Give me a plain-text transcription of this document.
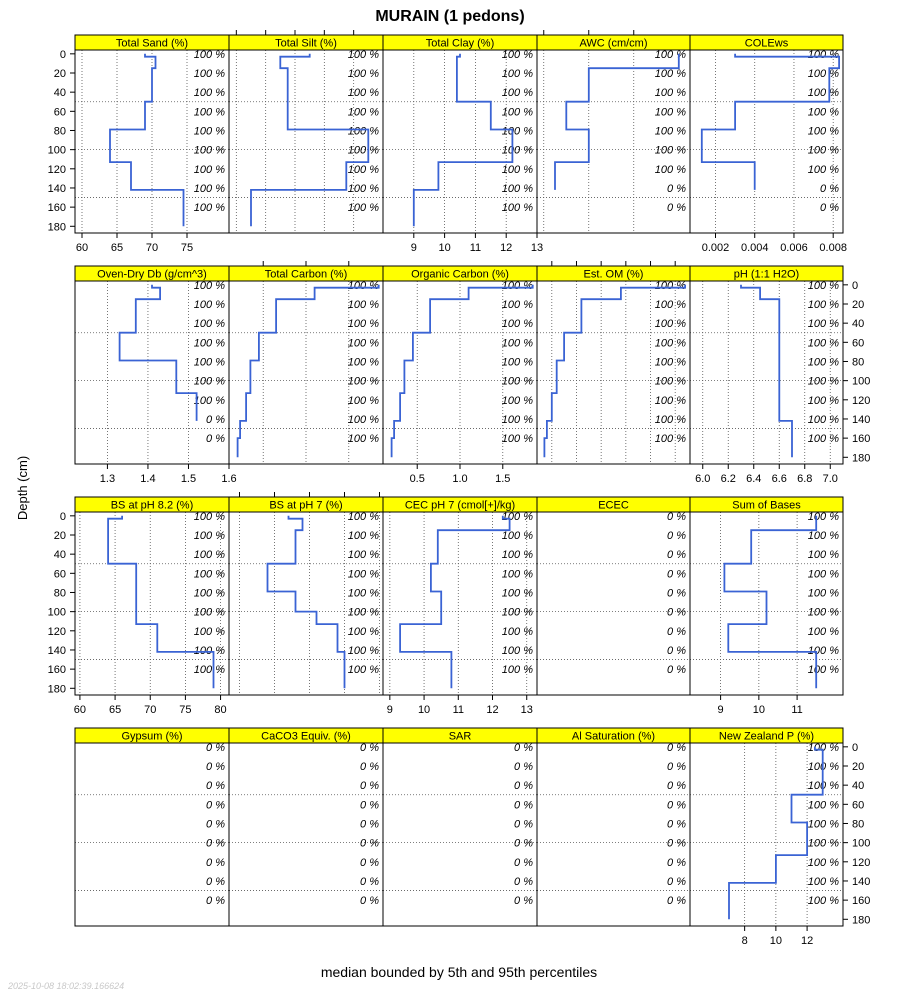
MURAIN (1 pedons)
Depth (cm)
median bounded by 5th and 95th percentiles
2025-10-08 18:02:39.166624
Total Sand (%)
100 %
100 %
100 %
100 %
100 %
100 %
100 %
100 %
100 %
60 65 70 75
Total Silt (%)
100 %
100 %
100 %
100 %
100 %
100 %
100 %
100 %
100 %
Total Clay (%)
100 %
100 %
100 %
100 %
100 %
100 %
100 %
100 %
100 %
9 10 11 12 13
AWC (cm/cm)
100 %
100 %
100 %
100 %
100 %
100 %
100 %
0 %
0 %
COLEws
100 %
100 %
100 %
100 %
100 %
100 %
100 %
0 %
0 %
0.002 0.004 0.006 0.008
Oven-Dry Db (g/cm^3)
100 %
100 %
100 %
100 %
100 %
100 %
100 %
0 %
0 %
1.3 1.4 1.5 1.6
Total Carbon (%)
100 %
100 %
100 %
100 %
100 %
100 %
100 %
100 %
100 %
Organic Carbon (%)
100 %
100 %
100 %
100 %
100 %
100 %
100 %
100 %
100 %
0.5 1.0 1.5
Est. OM (%)
100 %
100 %
100 %
100 %
100 %
100 %
100 %
100 %
100 %
pH (1:1 H2O)
100 %
100 %
100 %
100 %
100 %
100 %
100 %
100 %
100 %
6.0 6.2 6.4 6.6 6.8 7.0
BS at pH 8.2 (%)
100 %
100 %
100 %
100 %
100 %
100 %
100 %
100 %
100 %
60 65 70 75 80
BS at pH 7 (%)
100 %
100 %
100 %
100 %
100 %
100 %
100 %
100 %
100 %
CEC pH 7 (cmol[+]/kg)
100 %
100 %
100 %
100 %
100 %
100 %
100 %
100 %
100 %
9 10 11 12 13
ECEC
0 %
0 %
0 %
0 %
0 %
0 %
0 %
0 %
0 %
Sum of Bases
100 %
100 %
100 %
100 %
100 %
100 %
100 %
100 %
100 %
9	10 11
Gypsum (%)
0 %
0 %
0 %
0 %
0 %
0 %
0 %
0 %
0 %
CaCO3 Equiv. (%)
0 %
0 %
0 %
0 %
0 %
0 %
0 %
0 %
0 %
SAR
0 %
0 %
0 %
0 %
0 %
0 %
0 %
0 %
0 %
Al Saturation (%)
0 %
0 %
0 %
0 %
0 %
0 %
0 %
0 %
0 %
New Zealand P (%)
100 %
100 %
100 %
100 %
100 %
100 %
100 %
100 %
100 %
8 10 12
0
20
40
60
80
100
120
140
160
180
0
20
40
60
80
100
120
140
160
180
0
20
40
60
80
100
120
140
160
180
0
20
40
60
80
100
120
140
160
180
